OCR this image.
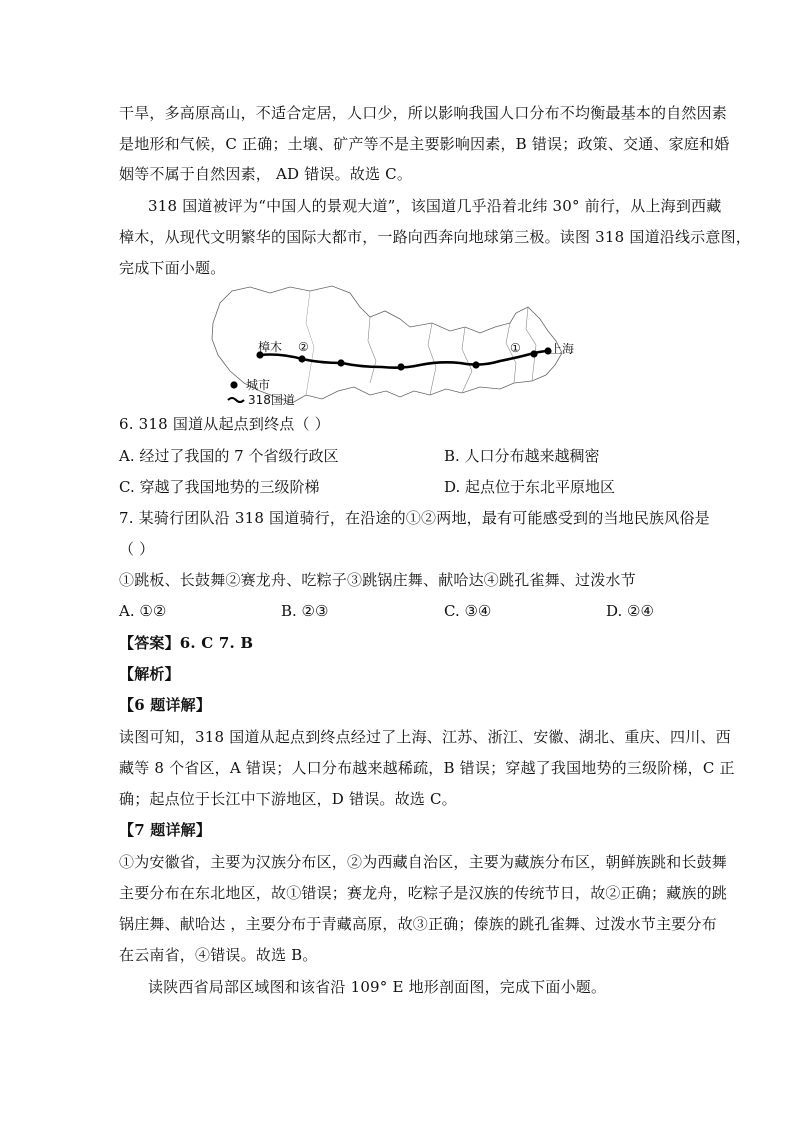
干旱，多高原高山，不适合定居，人口少，所以影响我国人口分布不均衡最基本的自然因素
是地形和气候，C 正确；土壤、矿产等不是主要影响因素，B 错误；政策、交通、家庭和婚
姻等不属于自然因素， AD 错误。故选 C。
318 国道被评为“中国人的景观大道”，该国道几乎沿着北纬 30° 前行，从上海到西藏
樟木，从现代文明繁华的国际大都市，一路向西奔向地球第三极。读图 318 国道沿线示意图，
完成下面小题。
樟木 ②	① 上海
城市
318国道
6. 318 国道从起点到终点（ ）
A. 经过了我国的 7 个省级行政区	B. 人口分布越来越稠密
C. 穿越了我国地势的三级阶梯	D. 起点位于东北平原地区
7. 某骑行团队沿 318 国道骑行，在沿途的①②两地，最有可能感受到的当地民族风俗是
（ ）
①跳板、长鼓舞②赛龙舟、吃粽子③跳锅庄舞、献哈达④跳孔雀舞、过泼水节
A. ①②	B. ②③	C. ③④	D. ②④
【答案】6. C 7. B
【解析】
【6 题详解】
读图可知，318 国道从起点到终点经过了上海、江苏、浙江、安徽、湖北、重庆、四川、西
藏等 8 个省区，A 错误；人口分布越来越稀疏，B 错误；穿越了我国地势的三级阶梯，C 正
确；起点位于长江中下游地区，D 错误。故选 C。
【7 题详解】
①为安徽省，主要为汉族分布区，②为西藏自治区，主要为藏族分布区，朝鲜族跳和长鼓舞
主要分布在东北地区，故①错误；赛龙舟，吃粽子是汉族的传统节日，故②正确；藏族的跳
锅庄舞、献哈达 ，主要分布于青藏高原，故③正确；傣族的跳孔雀舞、过泼水节主要分布
在云南省，④错误。故选 B。
读陕西省局部区域图和该省沿 109° E 地形剖面图，完成下面小题。
